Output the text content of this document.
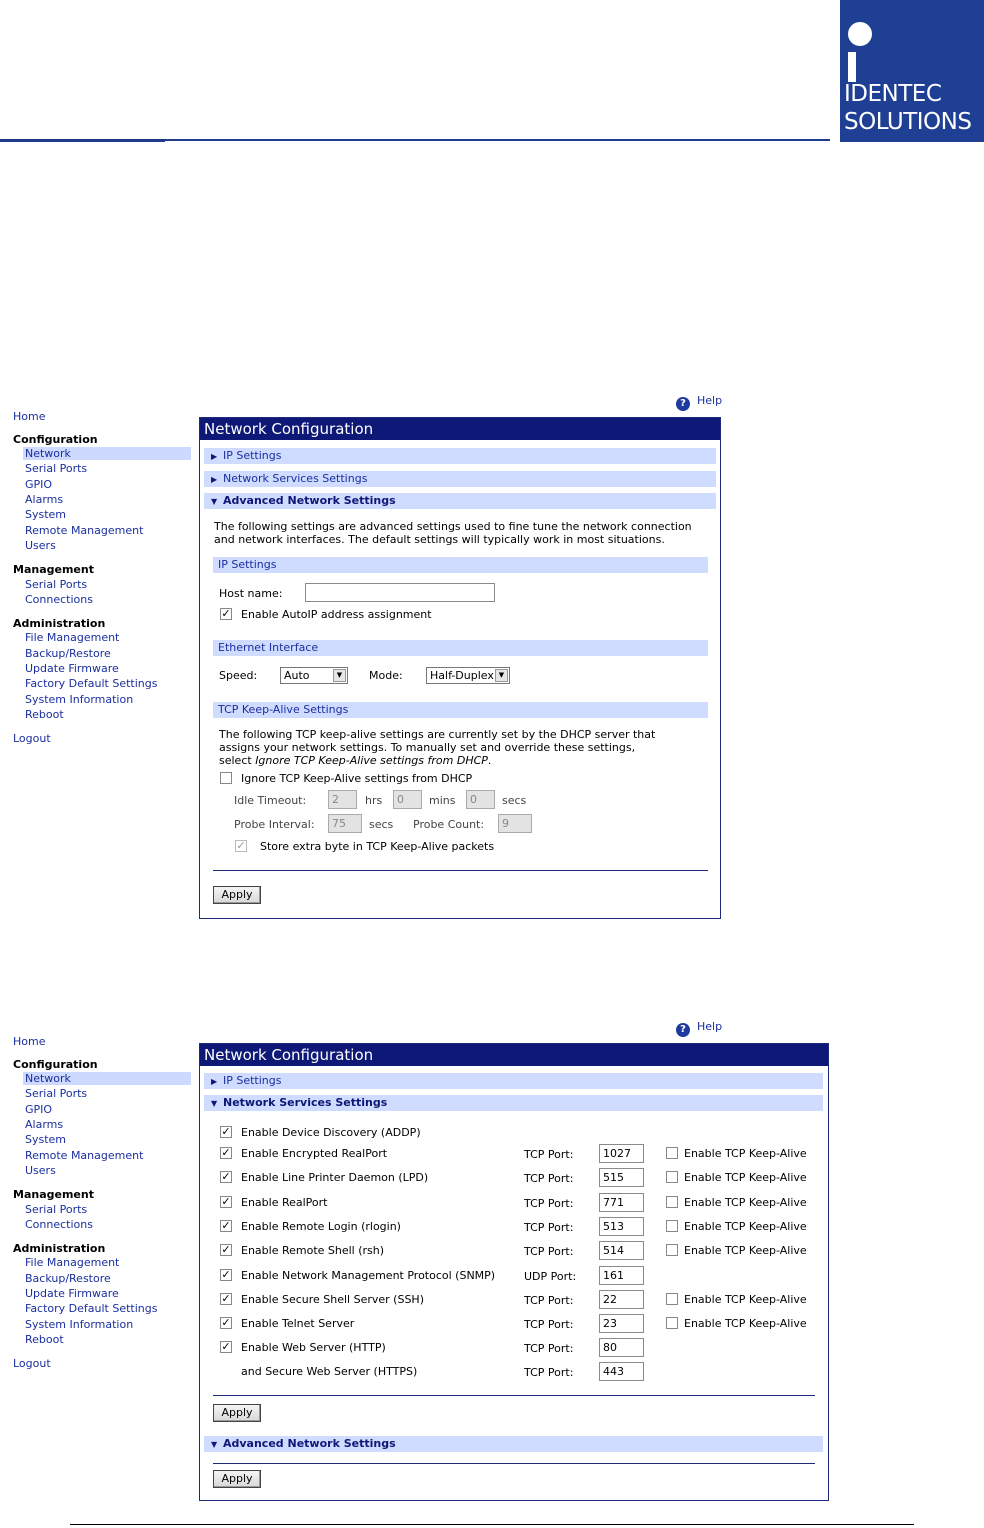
IDENTEC
SOLUTIONS
Home
Configuration
Network
Serial Ports
GPIO
Alarms
System
Remote Management
Users
Management
Serial Ports
Connections
Administration
File Management
Backup/Restore
Update Firmware
Factory Default Settings
System Information
Reboot
Logout
? Help
Network Configuration
▶ IP Settings
▶ Network Services Settings
▼ Advanced Network Settings
The following settings are advanced settings used to fine tune the network connection
and network interfaces. The default settings will typically work in most situations.
IP Settings
Host name:
✓ Enable AutoIP address assignment
Ethernet Interface
Speed:	Auto	▼	Mode:	Half-Duplex ▼
TCP Keep-Alive Settings
The following TCP keep-alive settings are currently set by the DHCP server that
assigns your network settings. To manually set and override these settings,
select Ignore TCP Keep-Alive settings from DHCP.
Ignore TCP Keep-Alive settings from DHCP
Idle Timeout:	2	hrs	0	mins	0	secs
Probe Interval:	75	secs Probe Count:	9
✓ Store extra byte in TCP Keep-Alive packets
Apply
Home
Configuration
Network
Serial Ports
GPIO
Alarms
System
Remote Management
Users
Management
Serial Ports
Connections
Administration
File Management
Backup/Restore
Update Firmware
Factory Default Settings
System Information
Reboot
Logout
? Help
Network Configuration
▶ IP Settings
▼ Network Services Settings
✓ Enable Device Discovery (ADDP)
✓ Enable Encrypted RealPort	TCP Port:	1027	Enable TCP Keep-Alive
✓ Enable Line Printer Daemon (LPD)	TCP Port:	515	Enable TCP Keep-Alive
✓ Enable RealPort	TCP Port:	771	Enable TCP Keep-Alive
✓ Enable Remote Login (rlogin)	TCP Port:	513	Enable TCP Keep-Alive
✓ Enable Remote Shell (rsh)	TCP Port:	514	Enable TCP Keep-Alive
✓ Enable Network Management Protocol (SNMP)	UDP Port:	161
✓ Enable Secure Shell Server (SSH)	TCP Port:	22	Enable TCP Keep-Alive
✓ Enable Telnet Server	TCP Port:	23	Enable TCP Keep-Alive
✓ Enable Web Server (HTTP)	TCP Port:	80
and Secure Web Server (HTTPS)	TCP Port:	443
Apply
▼ Advanced Network Settings
Apply
